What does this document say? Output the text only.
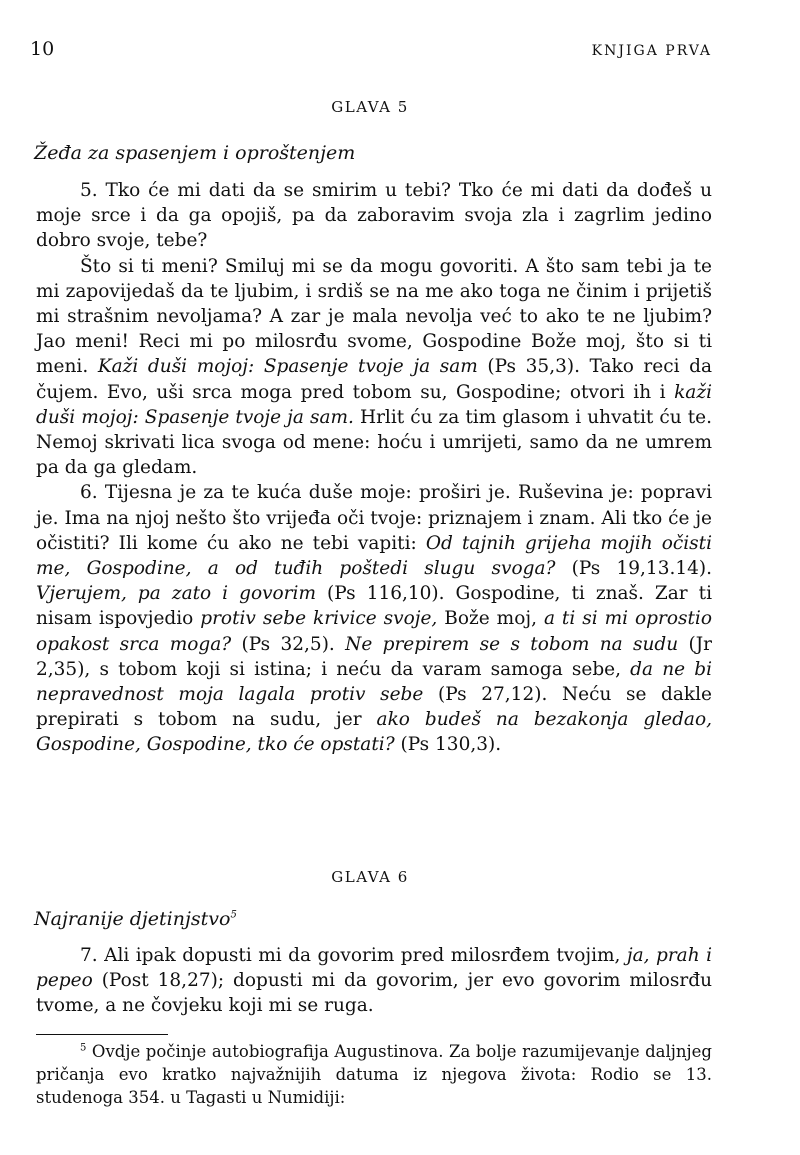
10	KNJIGA PRVA
GLAVA 5
Žeđa za spasenjem i oproštenjem

5. Tko će mi dati da se smirim u tebi? Tko će mi dati da dođeš u moje srce i da ga opojiš, pa da zaboravim svoja zla i zagrlim jedino dobro svoje, tebe?

Što si ti meni? Smiluj mi se da mogu govoriti. A što sam tebi ja te mi zapovijedaš da te ljubim, i srdiš se na me ako toga ne činim i prijetiš mi strašnim nevoljama? A zar je mala nevolja već to ako te ne ljubim? Jao meni! Reci mi po milosrđu svome, Gospodine Bože moj, što si ti meni. Kaži duši mojoj: Spasenje tvoje ja sam (Ps 35,3). Tako reci da čujem. Evo, uši srca moga pred tobom su, Gospodine; otvori ih i kaži duši mojoj: Spasenje tvoje ja sam. Hrlit ću za tim glasom i uhvatit ću te. Nemoj skrivati lica svoga od mene: hoću i umrijeti, samo da ne umrem pa da ga gledam.

6. Tijesna je za te kuća duše moje: proširi je. Ruševina je: popravi je. Ima na njoj nešto što vrijeđa oči tvoje: priznajem i znam. Ali tko će je očistiti? Ili kome ću ako ne tebi vapiti: Od tajnih grijeha mojih očisti me, Gospodine, a od tuđih poštedi slugu svoga? (Ps 19,13.14). Vjerujem, pa zato i govorim (Ps 116,10). Gospodine, ti znaš. Zar ti nisam ispovjedio protiv sebe krivice svoje, Bože moj, a ti si mi oprostio opakost srca moga? (Ps 32,5). Ne prepirem se s tobom na sudu (Jr 2,35), s tobom koji si istina; i neću da varam samoga sebe, da ne bi nepravednost moja lagala protiv sebe (Ps 27,12). Neću se dakle prepirati s tobom na sudu, jer ako budeš na bezakonja gledao, Gospodine, Gospodine, tko će opstati? (Ps 130,3).

GLAVA 6
Najranije djetinjstvo$^5$

7. Ali ipak dopusti mi da govorim pred milosrđem tvojim, ja, prah i pepeo (Post 18,27); dopusti mi da govorim, jer evo govorim milosrđu tvome, a ne čovjeku koji mi se ruga.

$^5$ Ovdje počinje autobiografija Augustinova. Za bolje razumijevanje daljnjeg pričanja evo kratko najvažnijih datuma iz njegova života: Rodio se 13. studenoga 354. u Tagasti u Numidiji:
